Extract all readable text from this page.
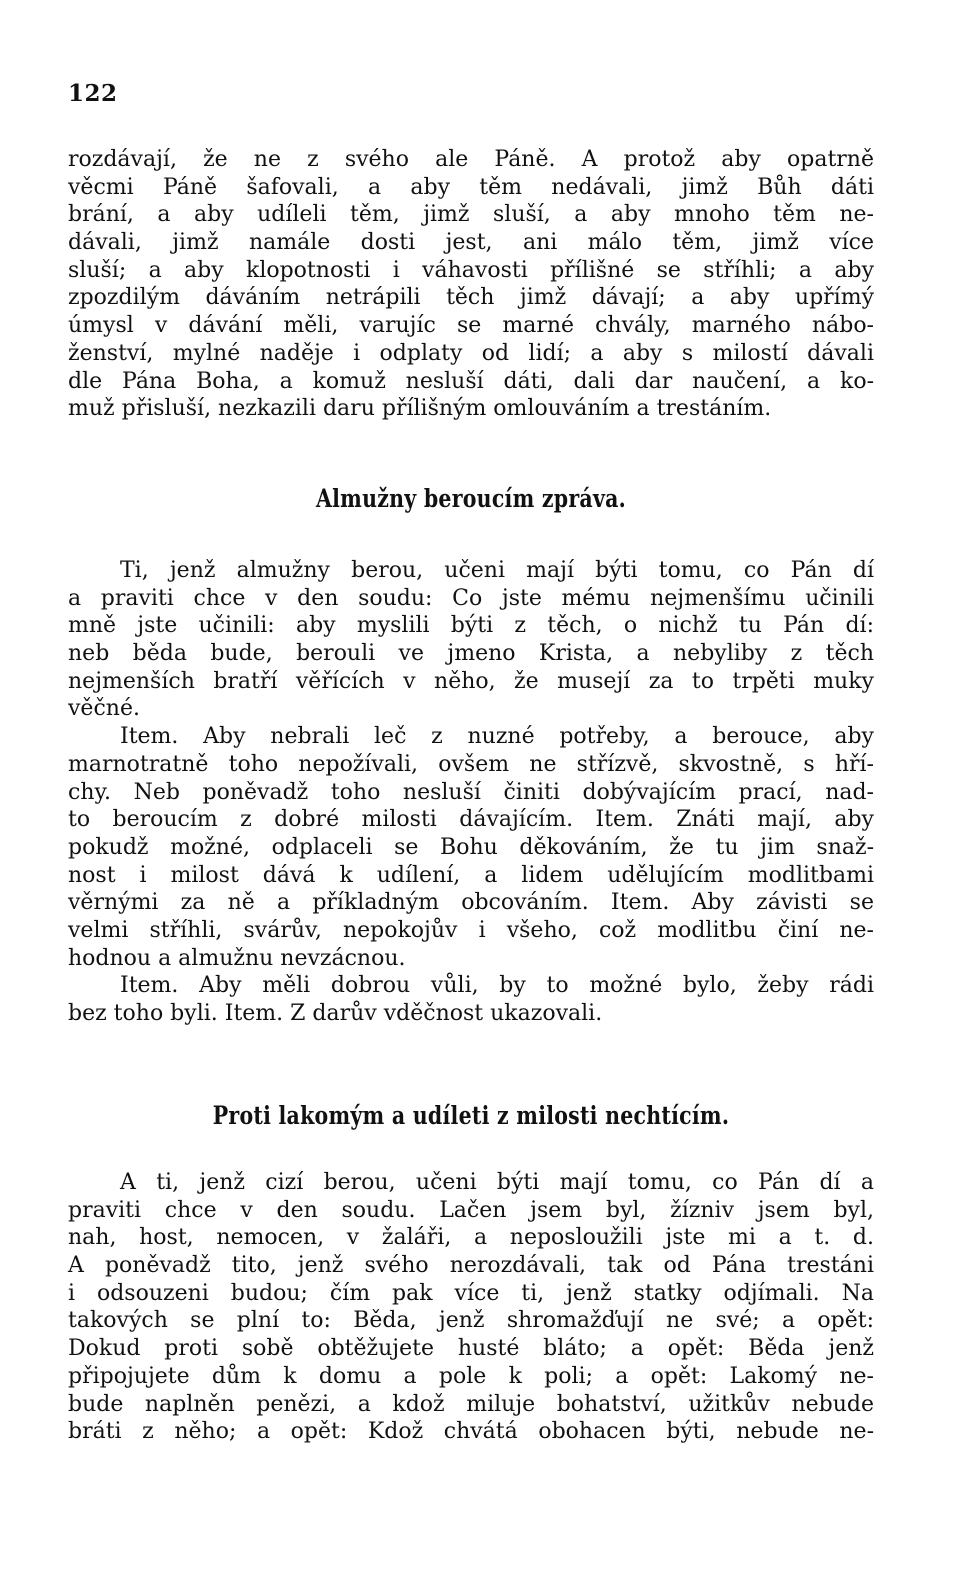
122
rozdávají, že ne z svého ale Páně. A protož aby opatrně
věcmi Páně šafovali, a aby těm nedávali, jimž Bůh dáti
brání, a aby udíleli těm, jimž sluší, a aby mnoho těm ne-
dávali, jimž namále dosti jest, ani málo těm, jimž více
sluší; a aby klopotnosti i váhavosti přílišné se stříhli; a aby
zpozdilým dáváním netrápili těch jimž dávají; a aby upřímý
úmysl v dávání měli, varujíc se marné chvály, marného nábo-
ženství, mylné naděje i odplaty od lidí; a aby s milostí dávali
dle Pána Boha, a komuž nesluší dáti, dali dar naučení, a ko-
muž přisluší, nezkazili daru přílišným omlouváním a trestáním.
Almužny beroucím zpráva.
Ti, jenž almužny berou, učeni mají býti tomu, co Pán dí
a praviti chce v den soudu: Co jste mému nejmenšímu učinili
mně jste učinili: aby myslili býti z těch, o nichž tu Pán dí:
neb běda bude, berouli ve jmeno Krista, a nebyliby z těch
nejmenších bratří věřících v něho, že musejí za to trpěti muky
věčné.
Item. Aby nebrali leč z nuzné potřeby, a berouce, aby
marnotratně toho nepožívali, ovšem ne střízvě, skvostně, s hří-
chy. Neb poněvadž toho nesluší činiti dobývajícím prací, nad-
to beroucím z dobré milosti dávajícím. Item. Znáti mají, aby
pokudž možné, odplaceli se Bohu děkováním, že tu jim snaž-
nost i milost dává k udílení, a lidem udělujícím modlitbami
věrnými za ně a příkladným obcováním. Item. Aby závisti se
velmi stříhli, svárův, nepokojův i všeho, což modlitbu činí ne-
hodnou a almužnu nevzácnou.
Item. Aby měli dobrou vůli, by to možné bylo, žeby rádi
bez toho byli. Item. Z darův vděčnost ukazovali.
Proti lakomým a udíleti z milosti nechtícím.
A ti, jenž cizí berou, učeni býti mají tomu, co Pán dí a
praviti chce v den soudu. Lačen jsem byl, žízniv jsem byl,
nah, host, nemocen, v žaláři, a neposloužili jste mi a t. d.
A poněvadž tito, jenž svého nerozdávali, tak od Pána trestáni
i odsouzeni budou; čím pak více ti, jenž statky odjímali. Na
takových se plní to: Běda, jenž shromažďují ne své; a opět:
Dokud proti sobě obtěžujete husté bláto; a opět: Běda jenž
připojujete dům k domu a pole k poli; a opět: Lakomý ne-
bude naplněn penězi, a kdož miluje bohatství, užitkův nebude
bráti z něho; a opět: Kdož chvátá obohacen býti, nebude ne-
